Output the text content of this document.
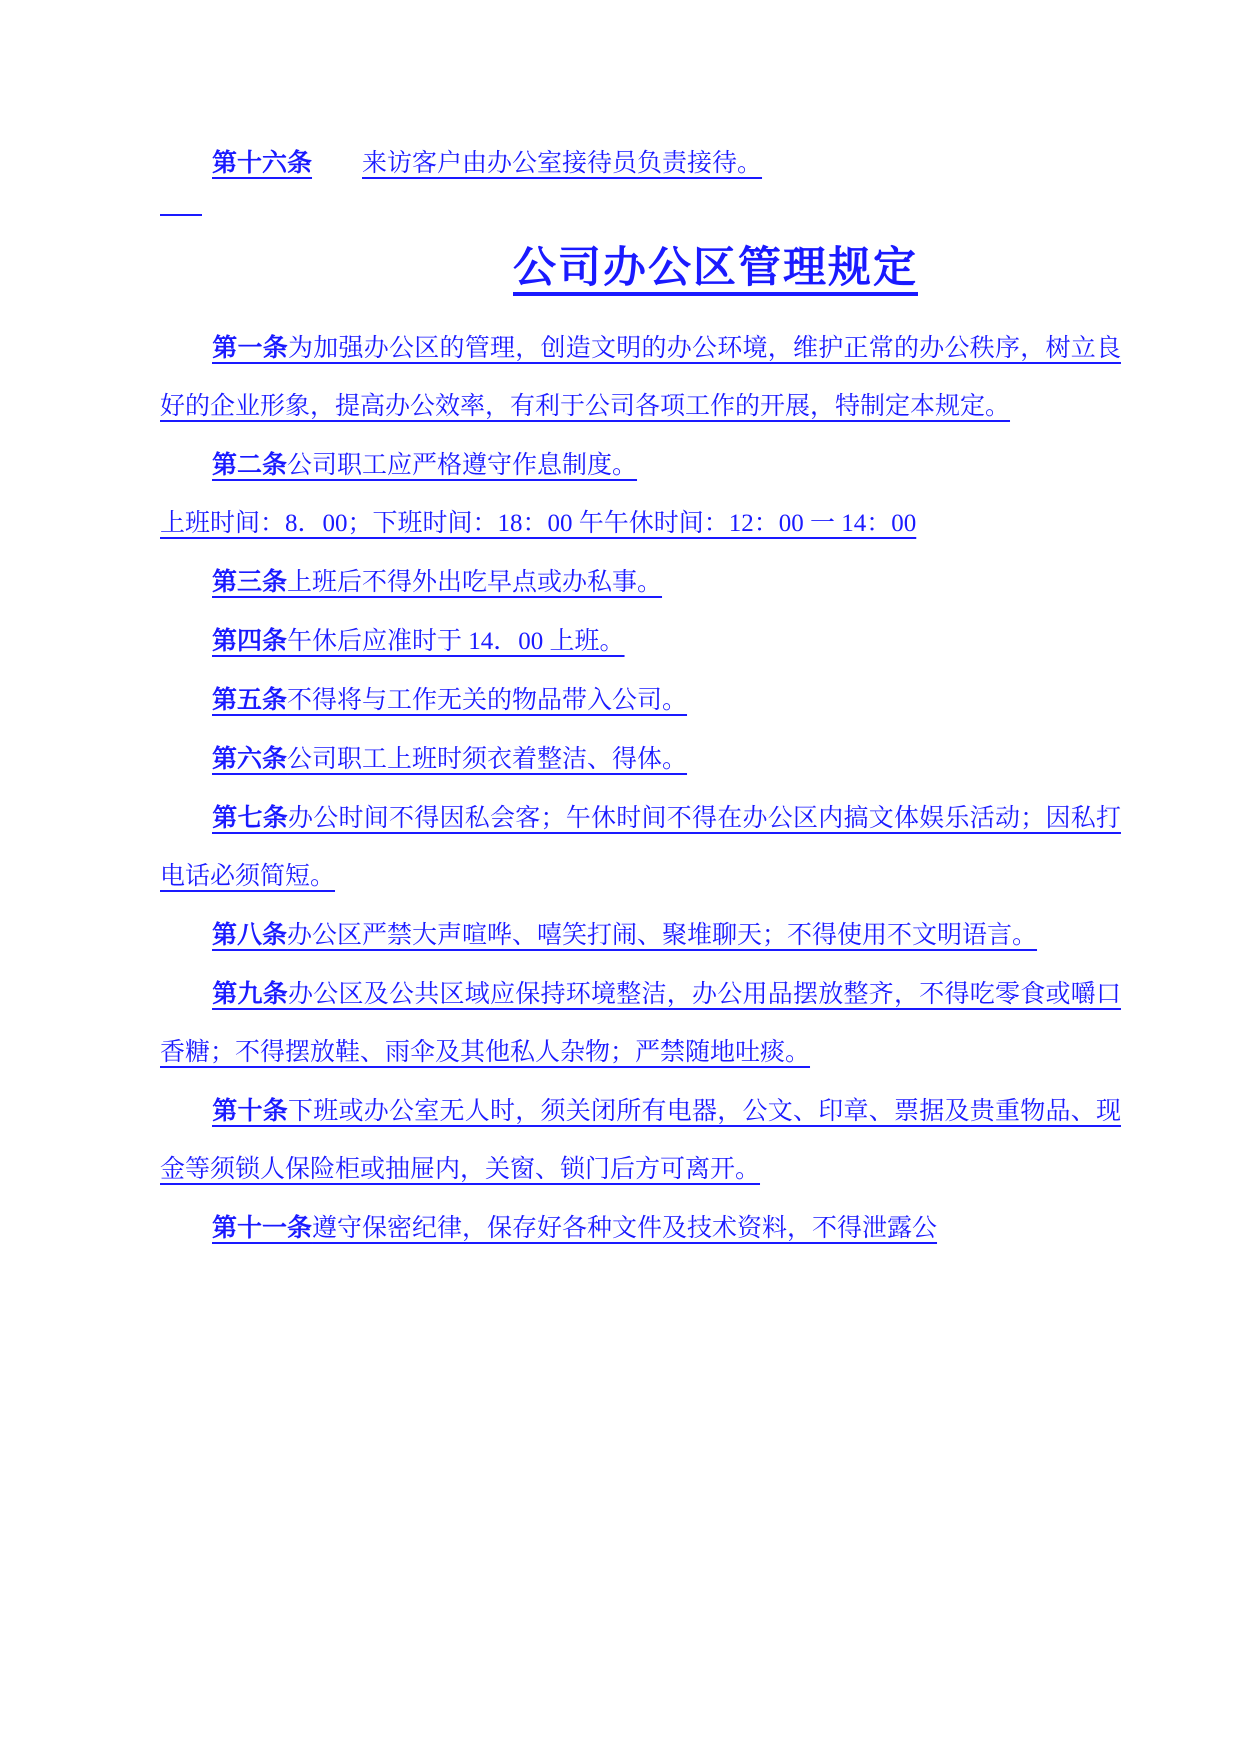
第十六条 来访客户由办公室接待员负责接待。
公司办公区管理规定
第一条为加强办公区的管理，创造文明的办公环境，维护正常的办公秩序，树立良好的企业形象，提高办公效率，有利于公司各项工作的开展，特制定本规定。
第二条公司职工应严格遵守作息制度。
上班时间：8．00；下班时间：18：00 午午休时间：12：00 一 14：00
第三条上班后不得外出吃早点或办私事。
第四条午休后应准时于 14．00 上班。
第五条不得将与工作无关的物品带入公司。
第六条公司职工上班时须衣着整洁、得体。
第七条办公时间不得因私会客；午休时间不得在办公区内搞文体娱乐活动；因私打电话必须简短。
第八条办公区严禁大声喧哗、嘻笑打闹、聚堆聊天；不得使用不文明语言。
第九条办公区及公共区域应保持环境整洁，办公用品摆放整齐，不得吃零食或嚼口香糖；不得摆放鞋、雨伞及其他私人杂物；严禁随地吐痰。
第十条下班或办公室无人时，须关闭所有电器，公文、印章、票据及贵重物品、现金等须锁人保险柜或抽屉内，关窗、锁门后方可离开。
第十一条遵守保密纪律，保存好各种文件及技术资料，不得泄露公
